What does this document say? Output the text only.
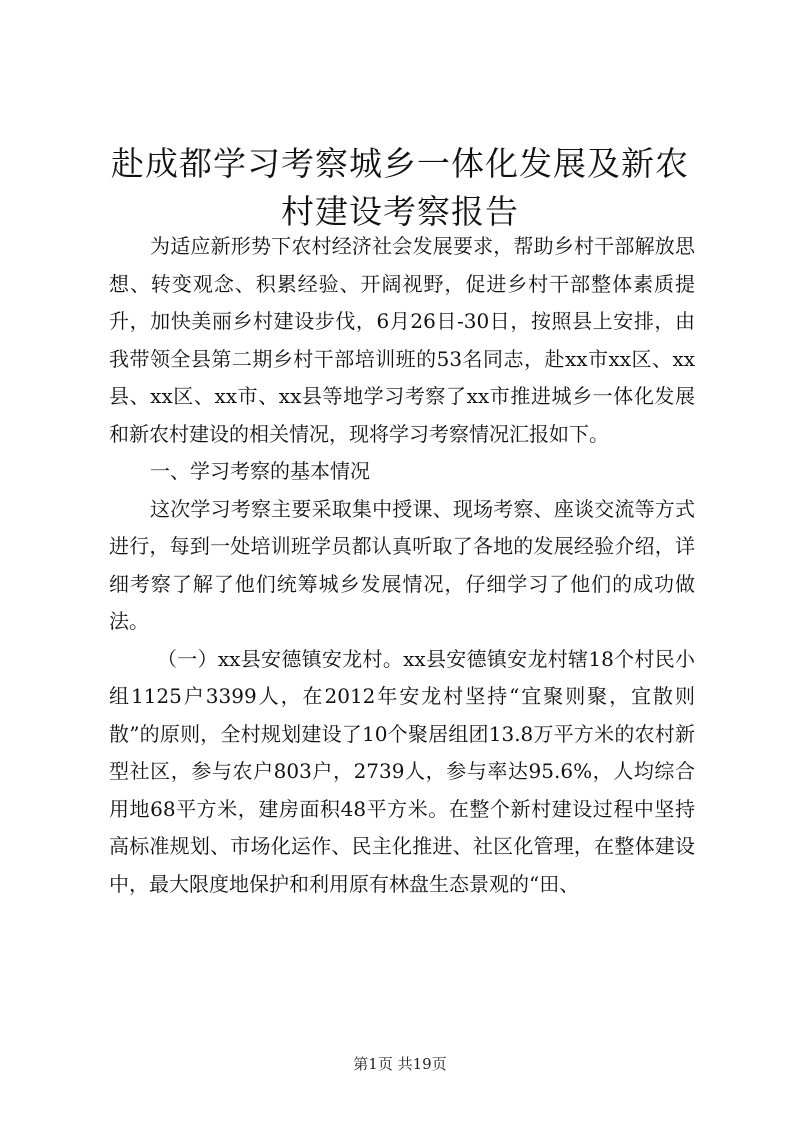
赴成都学习考察城乡一体化发展及新农村建设考察报告

为适应新形势下农村经济社会发展要求，帮助乡村干部解放思想、转变观念、积累经验、开阔视野，促进乡村干部整体素质提升，加快美丽乡村建设步伐，6月26日-30日，按照县上安排，由我带领全县第二期乡村干部培训班的53名同志，赴xx市xx区、xx县、xx区、xx市、xx县等地学习考察了xx市推进城乡一体化发展和新农村建设的相关情况，现将学习考察情况汇报如下。

一、学习考察的基本情况

这次学习考察主要采取集中授课、现场考察、座谈交流等方式进行，每到一处培训班学员都认真听取了各地的发展经验介绍，详细考察了解了他们统筹城乡发展情况，仔细学习了他们的成功做法。

（一）xx县安德镇安龙村。xx县安德镇安龙村辖18个村民小组1125户3399人，在2012年安龙村坚持“宜聚则聚，宜散则散”的原则，全村规划建设了10个聚居组团13.8万平方米的农村新型社区，参与农户803户，2739人，参与率达95.6%，人均综合用地68平方米，建房面积48平方米。在整个新村建设过程中坚持高标准规划、市场化运作、民主化推进、社区化管理，在整体建设中，最大限度地保护和利用原有林盘生态景观的“田、

第1页 共19页
